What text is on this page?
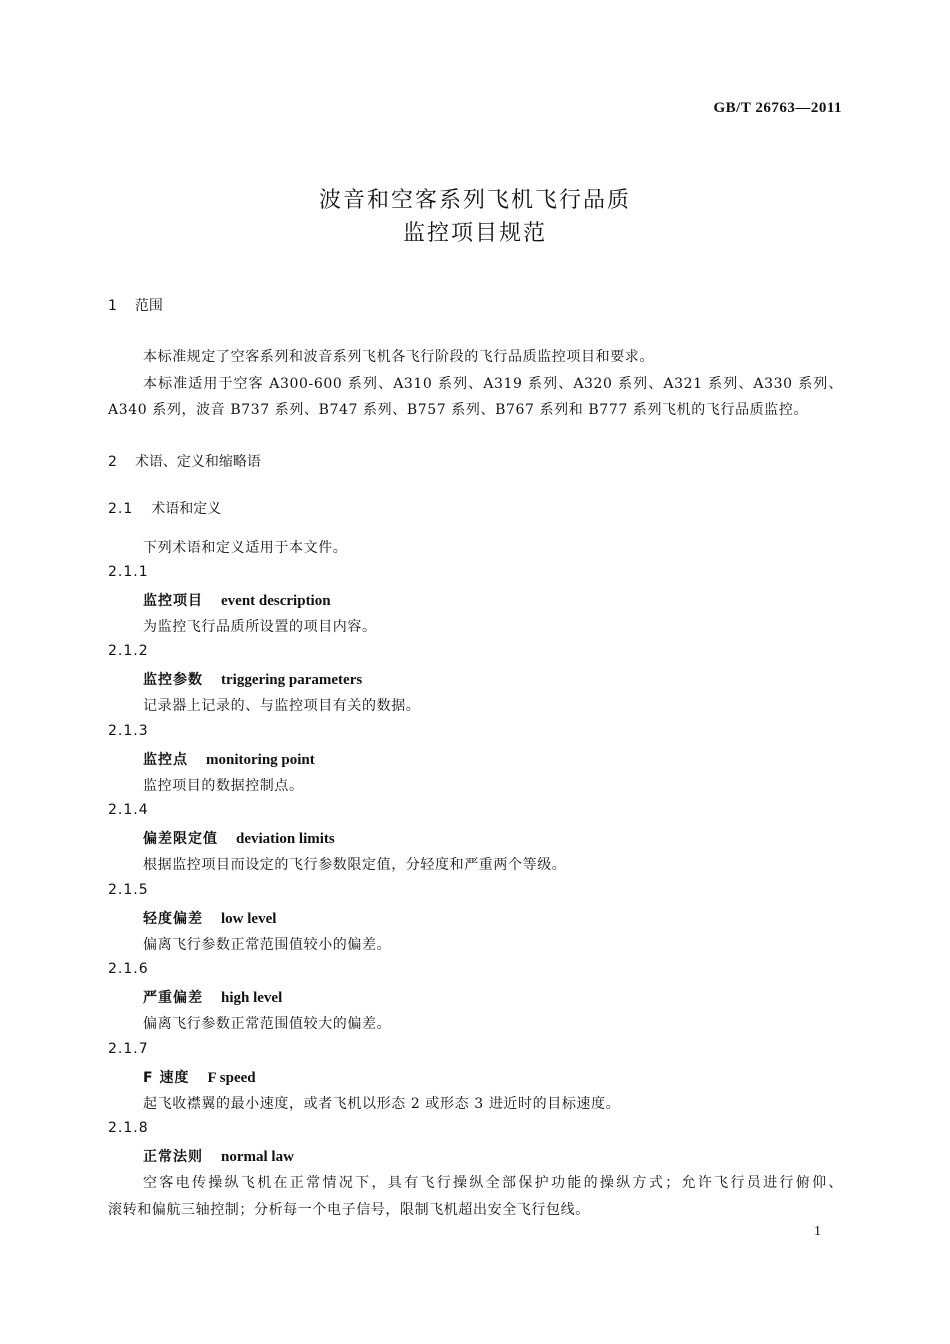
GB/T 26763—2011
波音和空客系列飞机飞行品质
监控项目规范
1 范围
本标准规定了空客系列和波音系列飞机各飞行阶段的飞行品质监控项目和要求。
本标准适用于空客 A300-600 系列、A310 系列、A319 系列、A320 系列、A321 系列、A330 系列、
A340 系列，波音 B737 系列、B747 系列、B757 系列、B767 系列和 B777 系列飞机的飞行品质监控。
2 术语、定义和缩略语
2.1 术语和定义
下列术语和定义适用于本文件。
2.1.1
监控项目 event description
为监控飞行品质所设置的项目内容。
2.1.2
监控参数 triggering parameters
记录器上记录的、与监控项目有关的数据。
2.1.3
监控点 monitoring point
监控项目的数据控制点。
2.1.4
偏差限定值 deviation limits
根据监控项目而设定的飞行参数限定值，分轻度和严重两个等级。
2.1.5
轻度偏差 low level
偏离飞行参数正常范围值较小的偏差。
2.1.6
严重偏差 high level
偏离飞行参数正常范围值较大的偏差。
2.1.7
F 速度 F speed
起飞收襟翼的最小速度，或者飞机以形态 2 或形态 3 进近时的目标速度。
2.1.8
正常法则 normal law
空客电传操纵飞机在正常情况下，具有飞行操纵全部保护功能的操纵方式；允许飞行员进行俯仰、
滚转和偏航三轴控制；分析每一个电子信号，限制飞机超出安全飞行包线。
1
